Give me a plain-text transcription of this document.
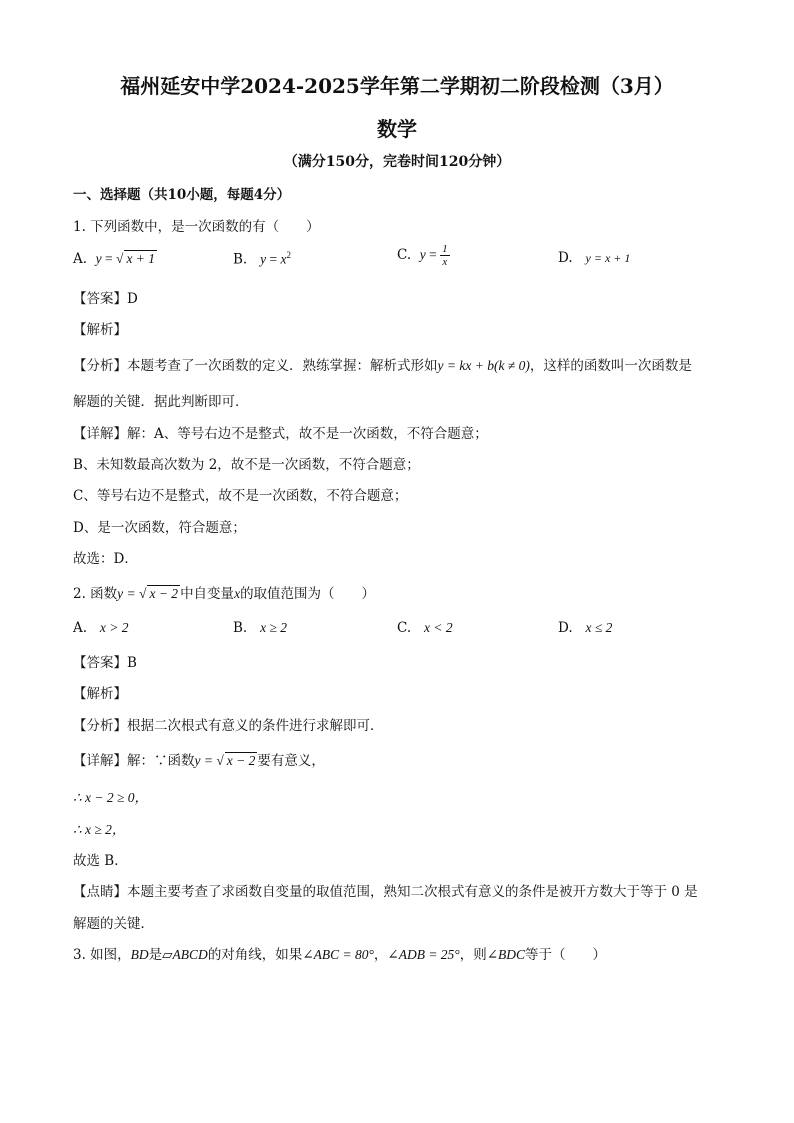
福州延安中学2024-2025学年第二学期初二阶段检测（3月）
数学
（满分150分，完卷时间120分钟）
一、选择题（共10小题，每题4分）
1. 下列函数中，是一次函数的有（　　）
A. y = √ x + 1	B. $y = x^2$	C. $y = \frac{1}{x}$	D. y = x + 1
【答案】D
【解析】
【分析】本题考查了一次函数的定义．熟练掌握：解析式形如y = kx + b(k ≠ 0)，这样的函数叫一次函数是
解题的关键．据此判断即可．
【详解】解：A、等号右边不是整式，故不是一次函数，不符合题意；
B、未知数最高次数为 2，故不是一次函数，不符合题意；
C、等号右边不是整式，故不是一次函数，不符合题意；
D、是一次函数，符合题意；
故选：D．
2. 函数y = √ x − 2 中自变量x的取值范围为（　　）
A. x > 2	B. x ≥ 2	C. x < 2	D. x ≤ 2
【答案】B
【解析】
【分析】根据二次根式有意义的条件进行求解即可．
【详解】解：∵函数y = √ x − 2 要有意义，
∴ x − 2 ≥ 0，
∴ x ≥ 2，
故选 B．
【点睛】本题主要考查了求函数自变量的取值范围，熟知二次根式有意义的条件是被开方数大于等于 0 是
解题的关键．
3. 如图，BD是▱ABCD的对角线，如果∠ABC = 80°，∠ADB = 25°，则∠BDC等于（　　）
